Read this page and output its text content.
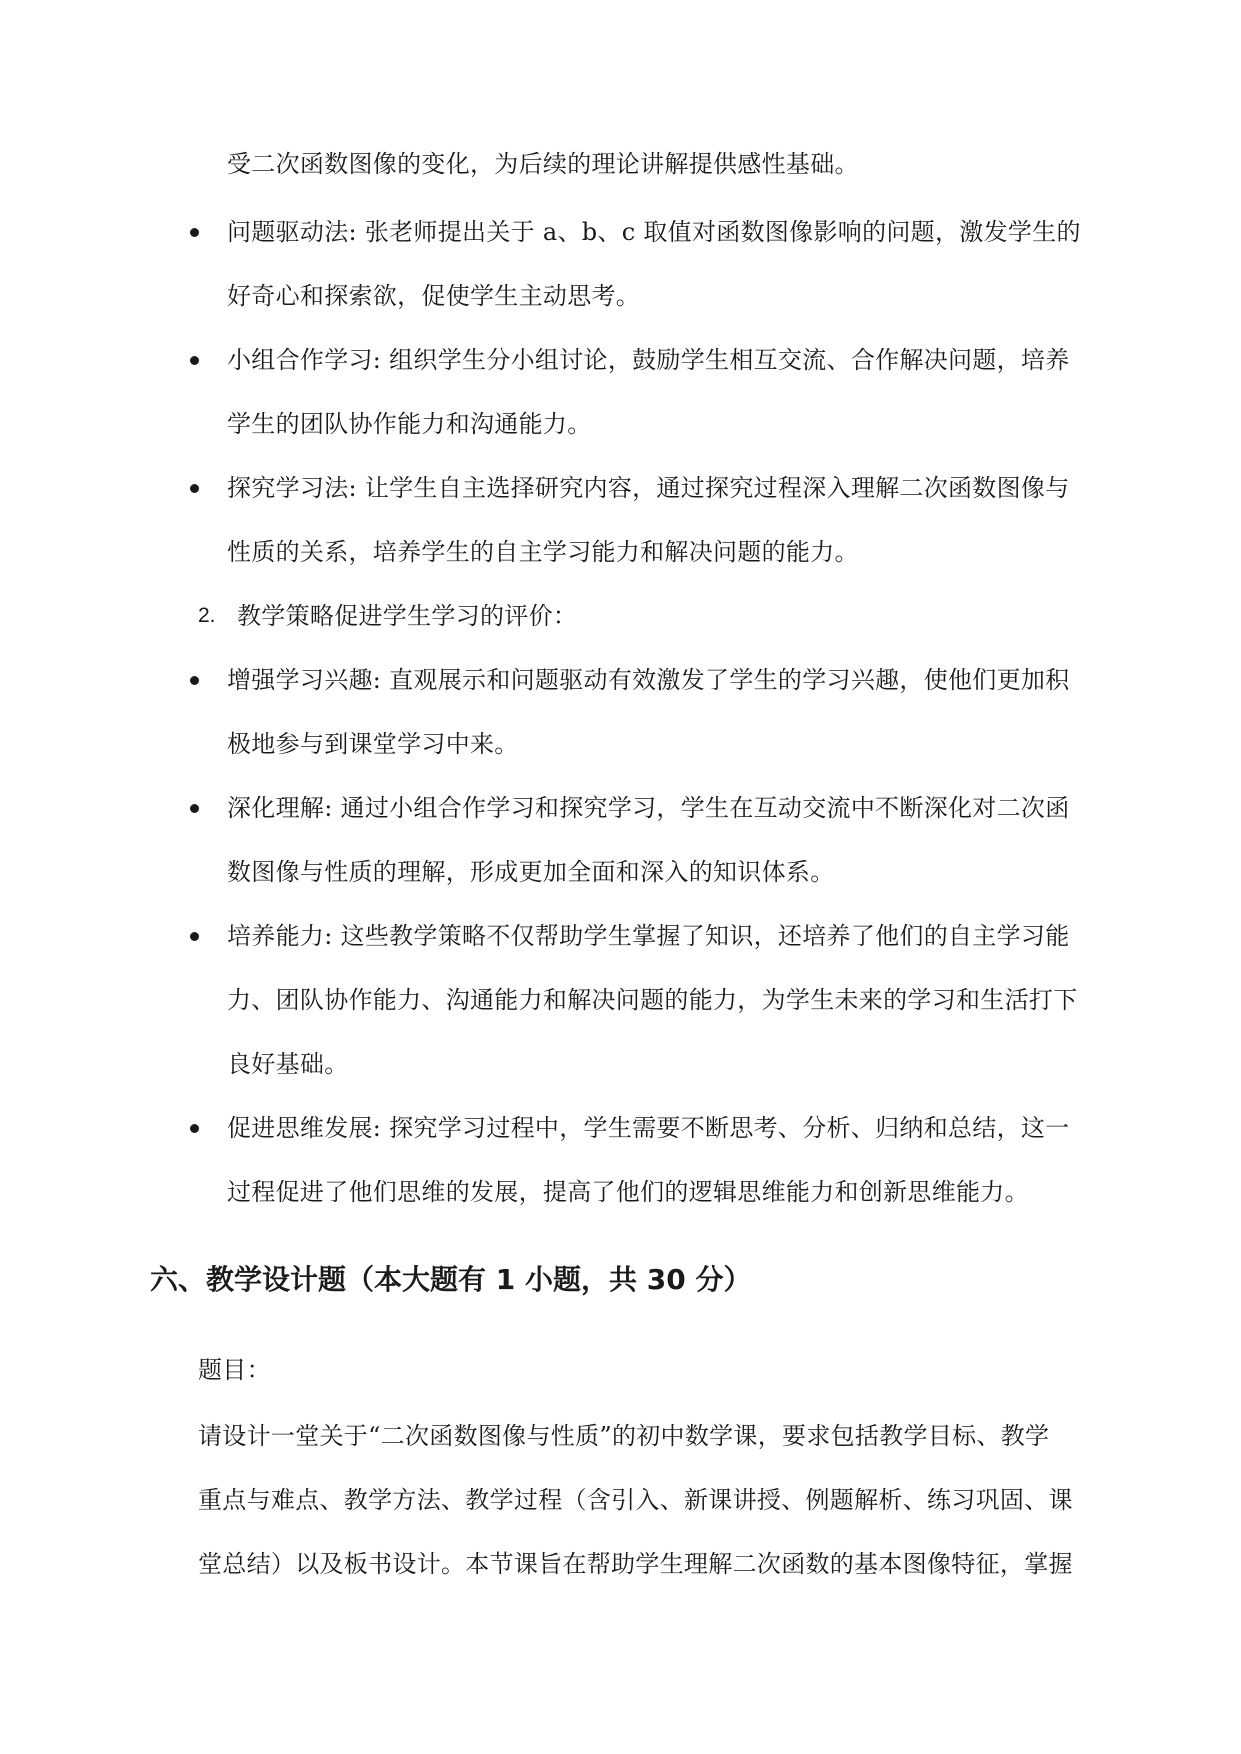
受二次函数图像的变化，为后续的理论讲解提供感性基础。
问题驱动法: 张老师提出关于 a、b、c 取值对函数图像影响的问题，激发学生的
好奇心和探索欲，促使学生主动思考。
小组合作学习: 组织学生分小组讨论，鼓励学生相互交流、合作解决问题，培养
学生的团队协作能力和沟通能力。
探究学习法: 让学生自主选择研究内容，通过探究过程深入理解二次函数图像与
性质的关系，培养学生的自主学习能力和解决问题的能力。
2. 教学策略促进学生学习的评价：
增强学习兴趣: 直观展示和问题驱动有效激发了学生的学习兴趣，使他们更加积
极地参与到课堂学习中来。
深化理解: 通过小组合作学习和探究学习，学生在互动交流中不断深化对二次函
数图像与性质的理解，形成更加全面和深入的知识体系。
培养能力: 这些教学策略不仅帮助学生掌握了知识，还培养了他们的自主学习能
力、团队协作能力、沟通能力和解决问题的能力，为学生未来的学习和生活打下
良好基础。
促进思维发展: 探究学习过程中，学生需要不断思考、分析、归纳和总结，这一
过程促进了他们思维的发展，提高了他们的逻辑思维能力和创新思维能力。
六、教学设计题（本大题有 1 小题，共 30 分）
题目：
请设计一堂关于“二次函数图像与性质”的初中数学课，要求包括教学目标、教学
重点与难点、教学方法、教学过程（含引入、新课讲授、例题解析、练习巩固、课
堂总结）以及板书设计。本节课旨在帮助学生理解二次函数的基本图像特征，掌握
